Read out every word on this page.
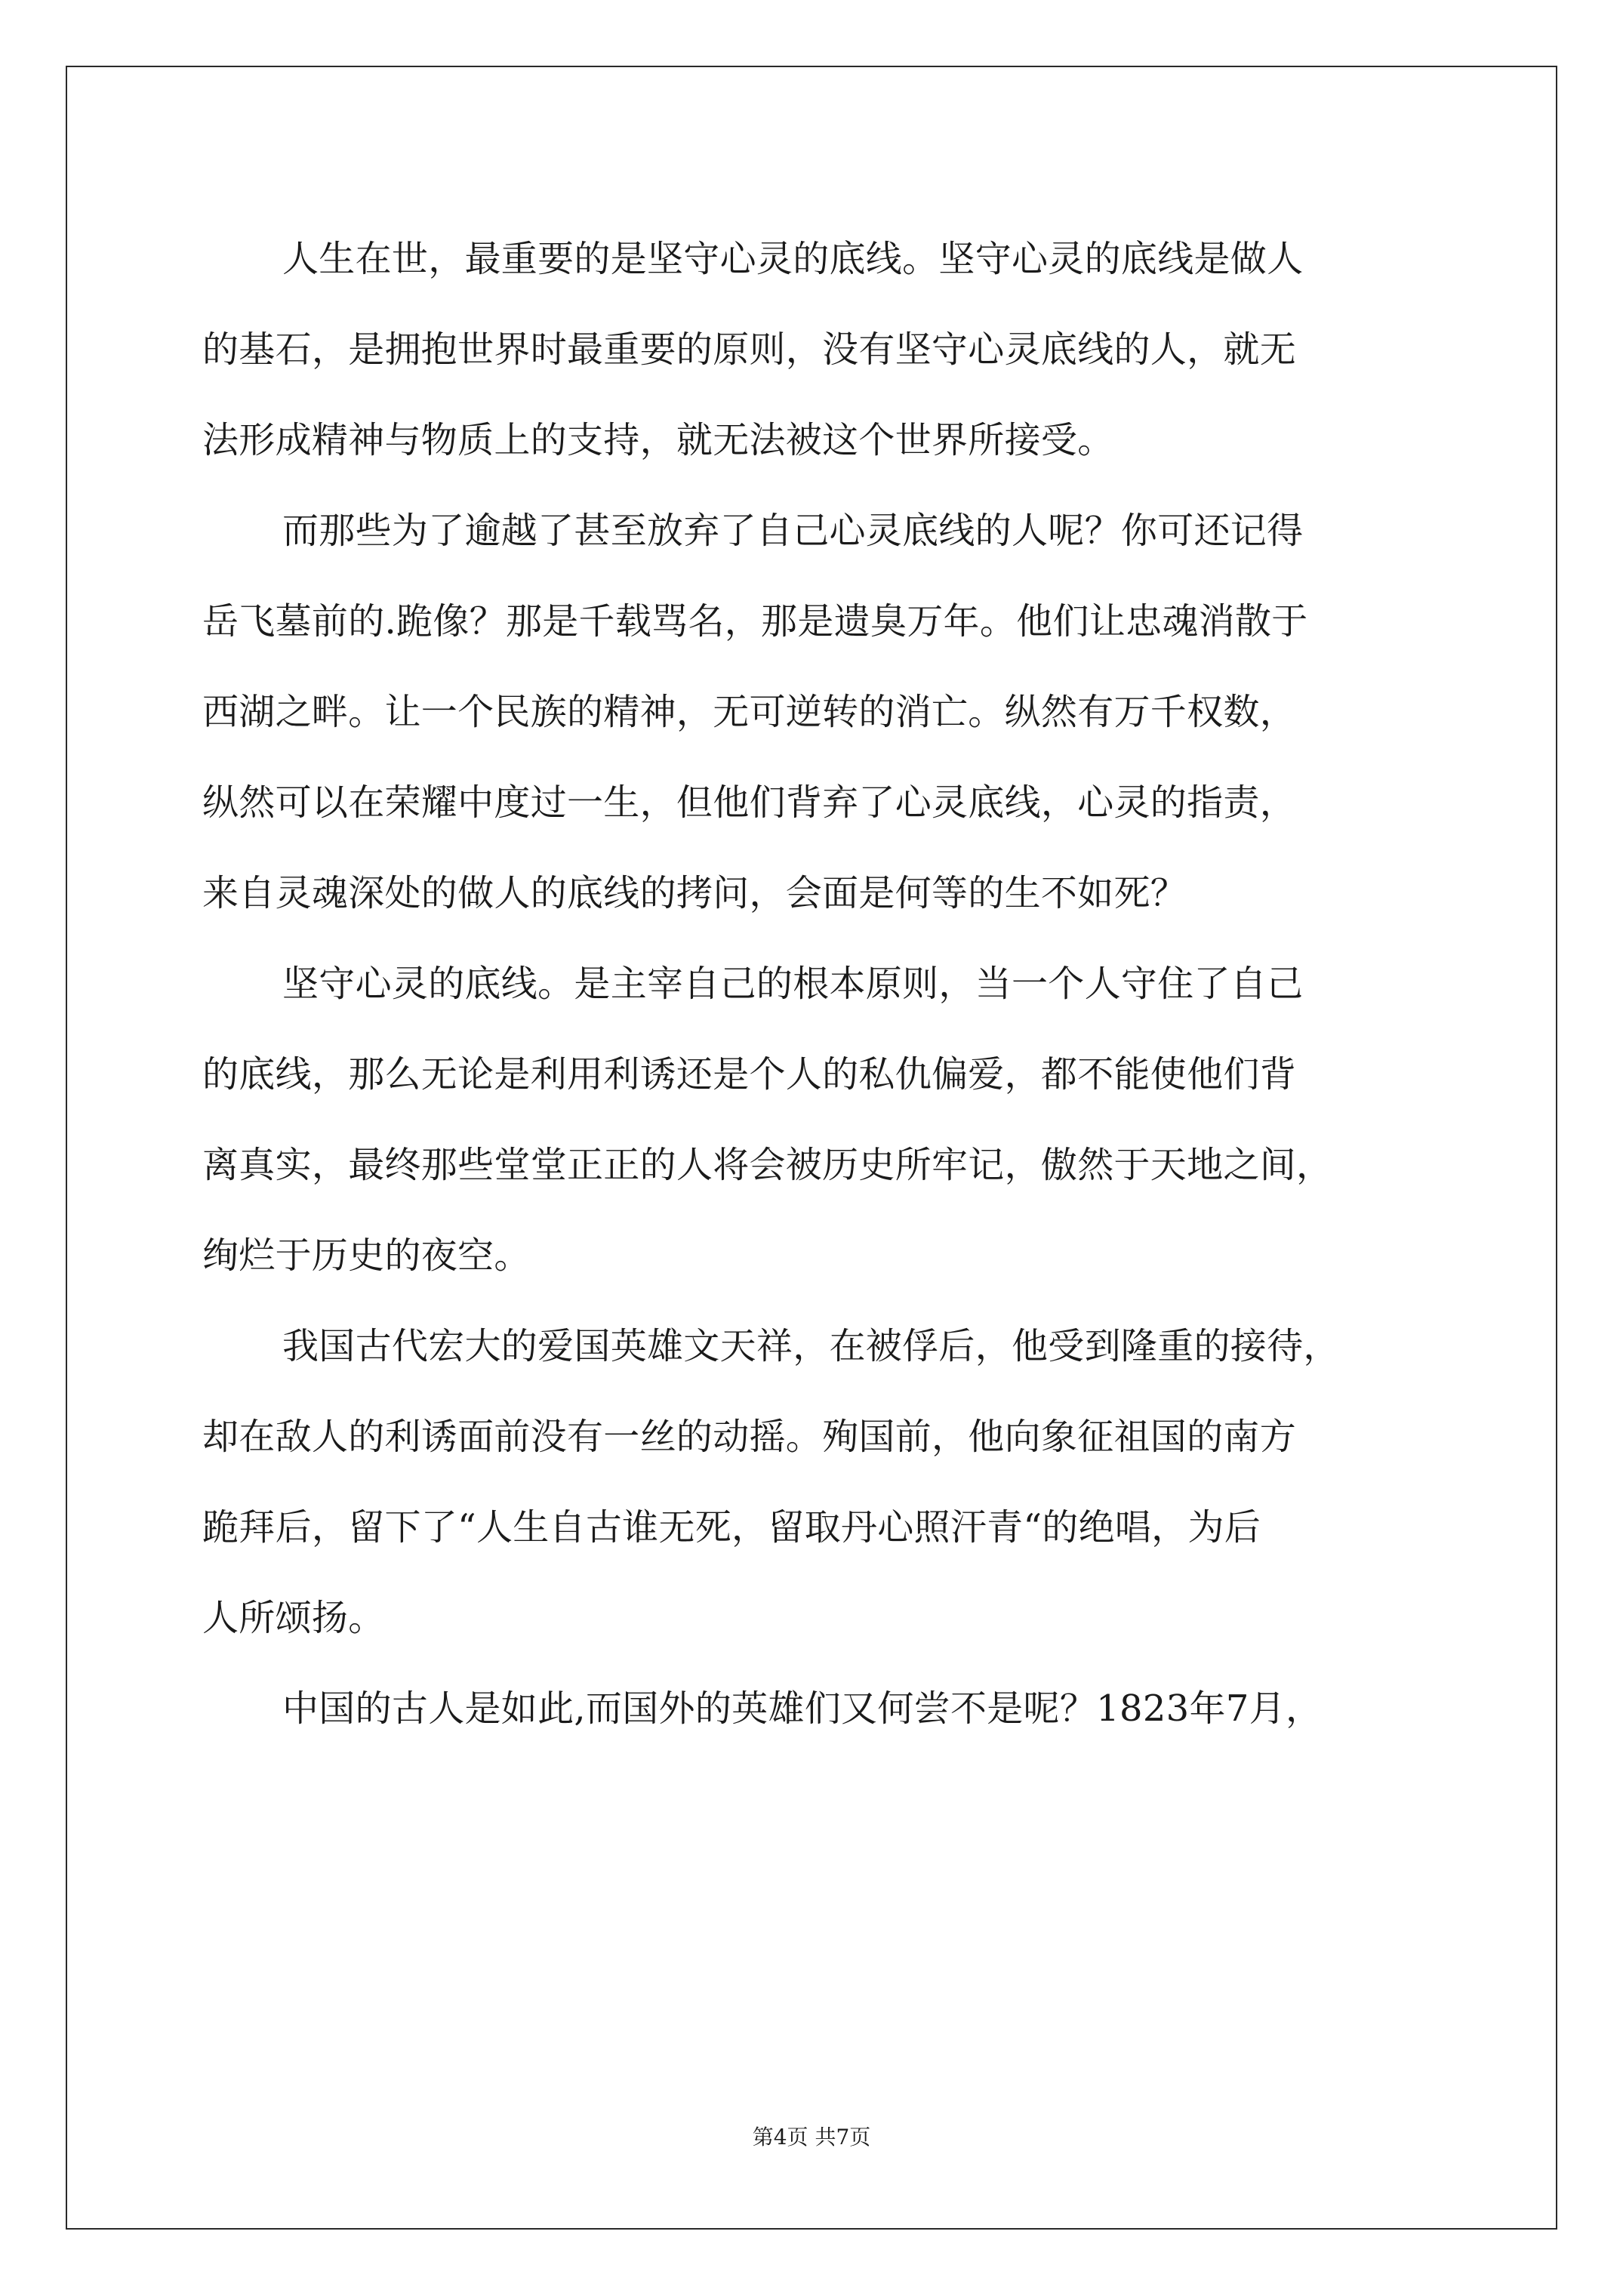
人生在世，最重要的是坚守心灵的底线。坚守心灵的底线是做人
的基石，是拥抱世界时最重要的原则，没有坚守心灵底线的人，就无
法形成精神与物质上的支持，就无法被这个世界所接受。
而那些为了逾越了甚至放弃了自己心灵底线的人呢？你可还记得
岳飞墓前的.跪像？那是千载骂名，那是遗臭万年。他们让忠魂消散于
西湖之畔。让一个民族的精神，无可逆转的消亡。纵然有万千权数，
纵然可以在荣耀中度过一生，但他们背弃了心灵底线，心灵的指责，
来自灵魂深处的做人的底线的拷问，会面是何等的生不如死？
坚守心灵的底线。是主宰自己的根本原则，当一个人守住了自己
的底线，那么无论是利用利诱还是个人的私仇偏爱，都不能使他们背
离真实，最终那些堂堂正正的人将会被历史所牢记，傲然于天地之间，
绚烂于历史的夜空。
我国古代宏大的爱国英雄文天祥，在被俘后，他受到隆重的接待，
却在敌人的利诱面前没有一丝的动摇。殉国前，他向象征祖国的南方
跪拜后，留下了“人生自古谁无死，留取丹心照汗青“的绝唱，为后
人所颂扬。
中国的古人是如此,而国外的英雄们又何尝不是呢？1823年7月，
第4页 共7页
